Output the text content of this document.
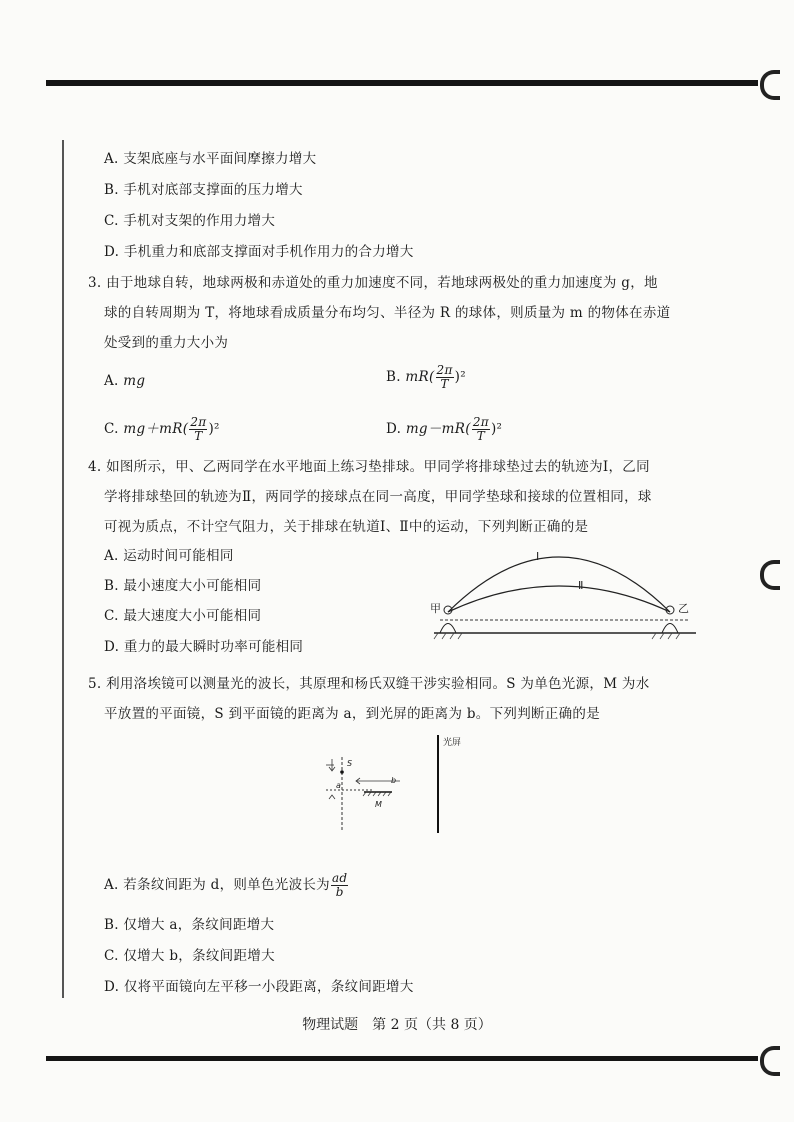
A. 支架底座与水平面间摩擦力增大
B. 手机对底部支撑面的压力增大
C. 手机对支架的作用力增大
D. 手机重力和底部支撑面对手机作用力的合力增大
3. 由于地球自转，地球两极和赤道处的重力加速度不同，若地球两极处的重力加速度为 g，地
球的自转周期为 T，将地球看成质量分布均匀、半径为 R 的球体，则质量为 m 的物体在赤道
处受到的重力大小为
A. mg	B. $mR( \frac{2\pi}{T} )^2$
C. $mg+mR( \frac{2\pi}{T} )^2$	D. $mg-mR( \frac{2\pi}{T} )^2$
4. 如图所示，甲、乙两同学在水平地面上练习垫排球。甲同学将排球垫过去的轨迹为Ⅰ，乙同
学将排球垫回的轨迹为Ⅱ，两同学的接球点在同一高度，甲同学垫球和接球的位置相同，球
可视为质点，不计空气阻力，关于排球在轨道Ⅰ、Ⅱ中的运动，下列判断正确的是
A. 运动时间可能相同
B. 最小速度大小可能相同
C. 最大速度大小可能相同
D. 重力的最大瞬时功率可能相同
Ⅰ
Ⅱ
甲	乙
5. 利用洛埃镜可以测量光的波长，其原理和杨氏双缝干涉实验相同。S 为单色光源，M 为水
平放置的平面镜，S 到平面镜的距离为 a，到光屏的距离为 b。下列判断正确的是
光屏
S
b
a
M
A. 若条纹间距为 d，则单色光波长为 $\frac{ad}{b}$
B. 仅增大 a，条纹间距增大
C. 仅增大 b，条纹间距增大
D. 仅将平面镜向左平移一小段距离，条纹间距增大
物理试题　第 2 页（共 8 页）
